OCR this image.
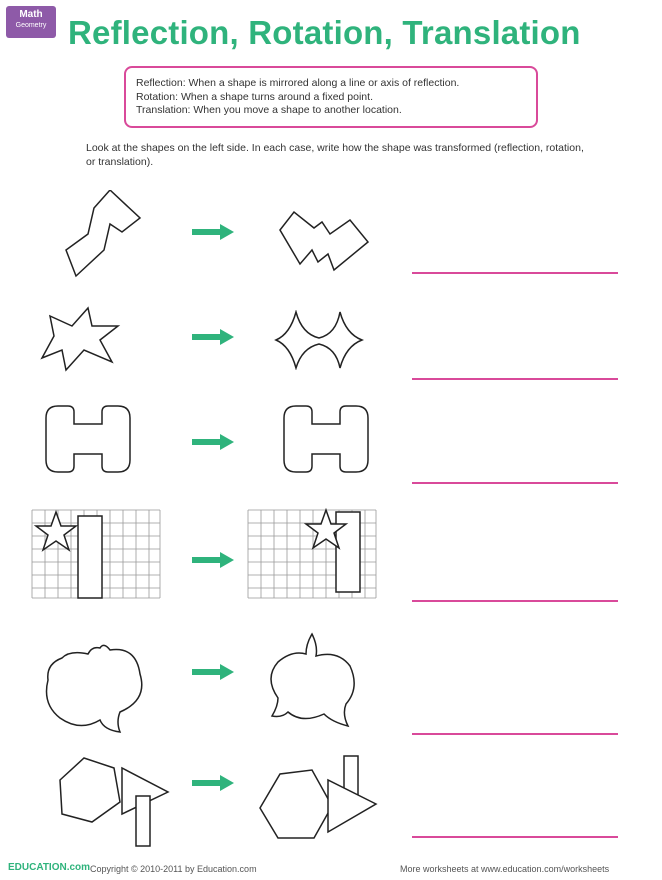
Math
Geometry Reflection, Rotation, Translation
Reflection: When a shape is mirrored along a line or axis of reflection.
Rotation: When a shape turns around a fixed point.
Translation: When you move a shape to another location.
Look at the shapes on the left side. In each case, write how the shape was transformed (reflection, rotation, or translation).
EDUCATION.com Copyright © 2010-2011 by Education.com	More worksheets at www.education.com/worksheets
